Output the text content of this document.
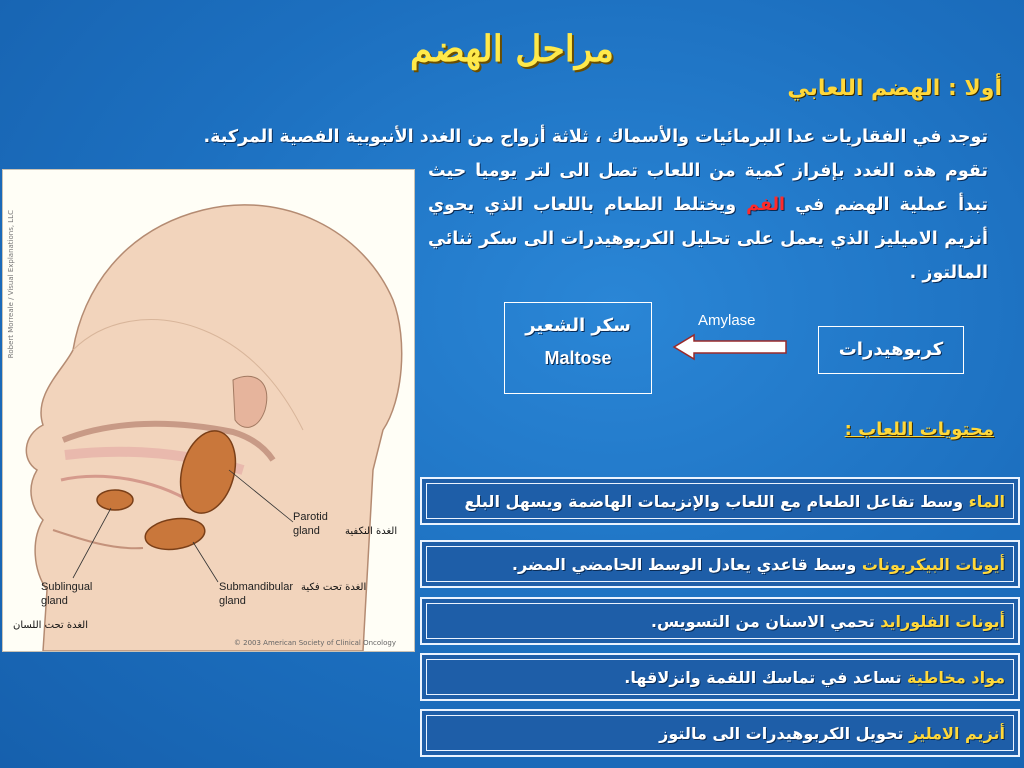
مراحل الهضم
أولا : الهضم اللعابي
توجد في الفقاريات عدا البرمائيات والأسماك ، ثلاثة أزواج من الغدد الأنبوبية الفصية المركبة.
تقوم هذه الغدد بإفراز كمية من اللعاب تصل الى لتر يوميا حيث تبدأ عملية الهضم في الفم ويختلط الطعام باللعاب الذي يحوي أنزيم الاميليز الذي يعمل على تحليل الكربوهيدرات الى سكر ثنائي المالتوز .
Robert Morreale / Visual Explanations, LLC
Parotid
gland	الغدة النكفية
Submandibular
gland
الغدة تحت فكية
Sublingual
gland
الغدة تحت اللسان
© 2003 American Society of Clinical Oncology
سكر الشعير
Maltose
Amylase
كربوهيدرات
محتويات اللعاب :
الماء وسط تفاعل الطعام مع اللعاب والإنزيمات الهاضمة ويسهل البلع
أيونات البيكربونات وسط قاعدي يعادل الوسط الحامضي المضر.
أيونات الفلورايد تحمي الاسنان من التسويس.
مواد مخاطية تساعد في تماسك اللقمة وانزلاقها.
أنزيم الامليز تحويل الكربوهيدرات الى مالتوز
